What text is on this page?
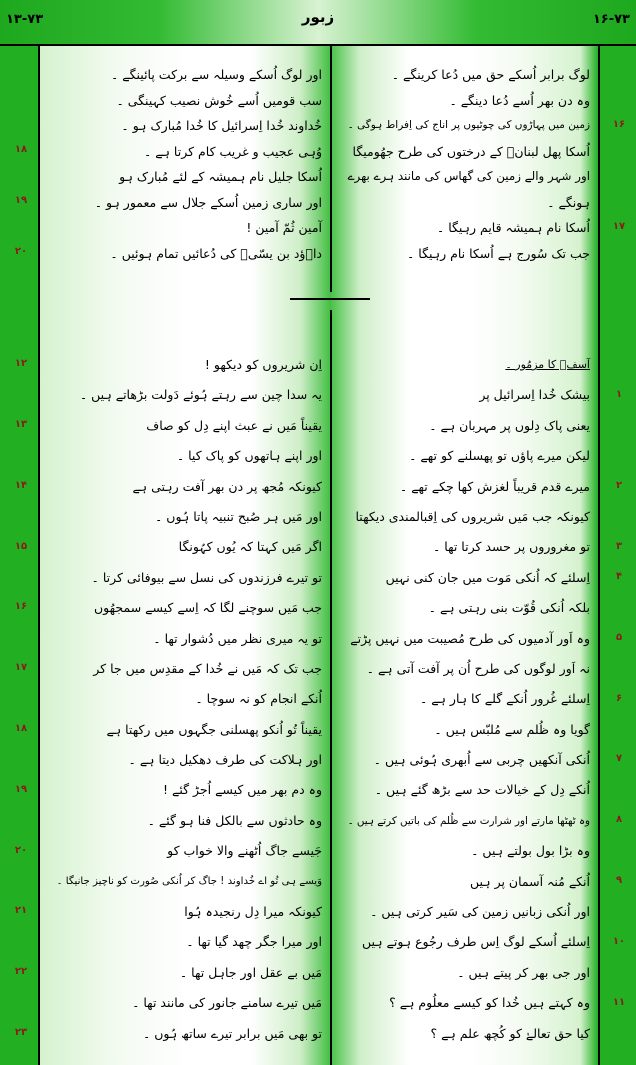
۱۳-۷۳	زبور	۱۶-۷۳
لوگ برابر اُسکے حق میں دُعا کرینگے ۔
وہ دن بھر اُسے دُعا دینگے ۔
زمین میں پہاڑوں کی چوٹیوں پر اناج کی اِفراط ہوگی ۔
اُسکا پھل لبنانؔ کے درختوں کی طرح جھُومیگا
اور شہر والے زمین کی گھاس کی مانند ہرے بھرے
ہونگے ۔
اُسکا نام ہمیشہ قایم رہیگا ۔
جب تک سُورج ہے اُسکا نام رہیگا ۔
اور لوگ اُسکے وسیلہ سے برکت پائینگے ۔
سب قومیں اُسے خُوش نصیب کہینگی ۔
خُداوند خُدا اِسرائیل کا خُدا مُبارک ہو ۔
وُہی عجیب و غریب کام کرتا ہے ۔
اُسکا جلیل نام ہمیشہ کے لئے مُبارک ہو
اور ساری زمین اُسکے جلال سے معمور ہو ۔
آمین ثُمّ آمین !
داؔؤد بن یسّیؔ کی دُعائیں تمام ہوئیں ۔
آسفؔ کا مزمُور ۔
بیشک خُدا اِسرائیل پر
یعنی پاک دِلوں پر مہربان ہے ۔
لیکن میرے پاؤں تو پھسلنے کو تھے ۔
میرے قدم قریباً لغزش کھا چکے تھے ۔
کیونکہ جب مَیں شریروں کی اِقبالمندی دیکھتا
تو مغروروں پر حسد کرتا تھا ۔
اِسلئے کہ اُنکی مَوت میں جان کنی نہیں
بلکہ اُنکی قُوّت بنی رہتی ہے ۔
وہ اَور آدمیوں کی طرح مُصیبت میں نہیں پڑتے
نہ اَور لوگوں کی طرح اُن پر آفت آتی ہے ۔
اِسلئے غُرور اُنکے گلے کا ہار ہے ۔
گویا وہ ظُلم سے مُلبّس ہیں ۔
اُنکی آنکھیں چربی سے اُبھری ہُوئی ہیں ۔
اُنکے دِل کے خیالات حد سے بڑھ گئے ہیں ۔
وہ ٹھٹھا مارتے اور شرارت سے ظُلم کی باتیں کرتے ہیں ۔
وہ بڑا بول بولتے ہیں ۔
اُنکے مُنہ آسمان پر ہیں
اور اُنکی زبانیں زمین کی سَیر کرتی ہیں ۔
اِسلئے اُسکے لوگ اِس طرف رجُوع ہوتے ہیں
اور جی بھر کر پیتے ہیں ۔
وہ کہتے ہیں خُدا کو کیسے معلُوم ہے ؟
کیا حق تعالےٰ کو کُچھ علم ہے ؟
اِن شریروں کو دیکھو !
یہ سدا چین سے رہتے ہُوئے دَولت بڑھاتے ہیں ۔
یقیناً مَیں نے عبث اپنے دِل کو صاف
اور اپنے ہاتھوں کو پاک کیا ۔
کیونکہ مُجھ پر دن بھر آفت رہتی ہے
اور مَیں ہر صُبح تنبیہ پاتا ہُوں ۔
اگر مَیں کہتا کہ یُوں کہُونگا
تو تیرے فرزندوں کی نسل سے بیوفائی کرتا ۔
جب مَیں سوچنے لگا کہ اِسے کیسے سمجھُوں
تو یہ میری نظر میں دُشوار تھا ۔
جب تک کہ مَیں نے خُدا کے مقدِس میں جا کر
اُنکے انجام کو نہ سوچا ۔
یقیناً تُو اُنکو پھسلنی جگہوں میں رکھتا ہے
اور ہلاکت کی طرف دھکیل دیتا ہے ۔
وہ دم بھر میں کیسے اُجڑ گئے !
وہ حادثوں سے بالکل فنا ہو گئے ۔
جَیسے جاگ اُٹھنے والا خواب کو
وَیسے ہی تُو اے خُداوند ! جاگ کر اُنکی صُورت کو ناچیز جانیگا ۔
کیونکہ میرا دِل رنجیدہ ہُوا
اور میرا جگر چھد گیا تھا ۔
مَیں بے عقل اور جاہل تھا ۔
مَیں تیرے سامنے جانور کی مانند تھا ۔
تو بھی مَیں برابر تیرے ساتھ ہُوں ۔
۱۶
۱۷
۱۸
۱۹
۲۰
۱
۲
۳
۴
۵
۶
۷
۸
۹
۱۰
۱۱
۱۲
۱۳
۱۴
۱۵
۱۶
۱۷
۱۸
۱۹
۲۰
۲۱
۲۲
۲۳
